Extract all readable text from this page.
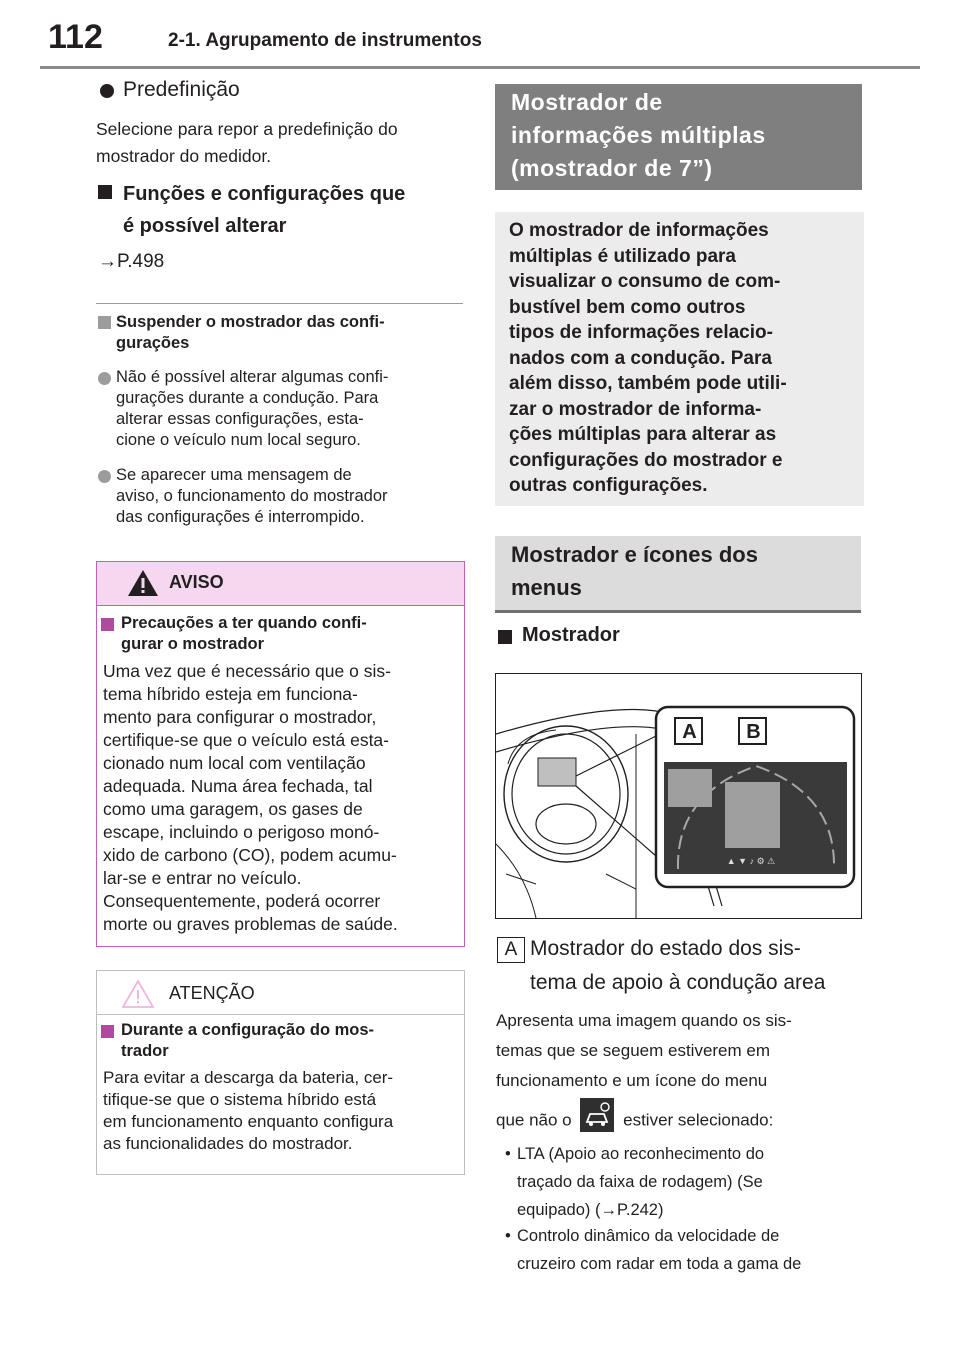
112	2-1. Agrupamento de instrumentos
Predefinição
Selecione para repor a predefinição do
mostrador do medidor.
Funções e configurações que
é possível alterar
→P.498
Suspender o mostrador das confi-
gurações
Não é possível alterar algumas confi-
gurações durante a condução. Para
alterar essas configurações, esta-
cione o veículo num local seguro.
Se aparecer uma mensagem de
aviso, o funcionamento do mostrador
das configurações é interrompido.
AVISO
Precauções a ter quando confi-
gurar o mostrador
Uma vez que é necessário que o sis-
tema híbrido esteja em funciona-
mento para configurar o mostrador,
certifique-se que o veículo está esta-
cionado num local com ventilação
adequada. Numa área fechada, tal
como uma garagem, os gases de
escape, incluindo o perigoso monó-
xido de carbono (CO), podem acumu-
lar-se e entrar no veículo.
Consequentemente, poderá ocorrer
morte ou graves problemas de saúde.
ATENÇÃO
Durante a configuração do mos-
trador
Para evitar a descarga da bateria, cer-
tifique-se que o sistema híbrido está
em funcionamento enquanto configura
as funcionalidades do mostrador.
Mostrador de
informações múltiplas
(mostrador de 7”)
O mostrador de informações
múltiplas é utilizado para
visualizar o consumo de com-
bustível bem como outros
tipos de informações relacio-
nados com a condução. Para
além disso, também pode utili-
zar o mostrador de informa-
ções múltiplas para alterar as
configurações do mostrador e
outras configurações.
Mostrador e ícones dos
menus
Mostrador
▲ ▼ ♪ ⚙ ⚠
A	B
A Mostrador do estado dos sis-
tema de apoio à condução area
Apresenta uma imagem quando os sis-
temas que se seguem estiverem em
funcionamento e um ícone do menu
que não o	estiver selecionado:
• LTA (Apoio ao reconhecimento do
traçado da faixa de rodagem) (Se
equipado) (→P.242)
• Controlo dinâmico da velocidade de
cruzeiro com radar em toda a gama de
